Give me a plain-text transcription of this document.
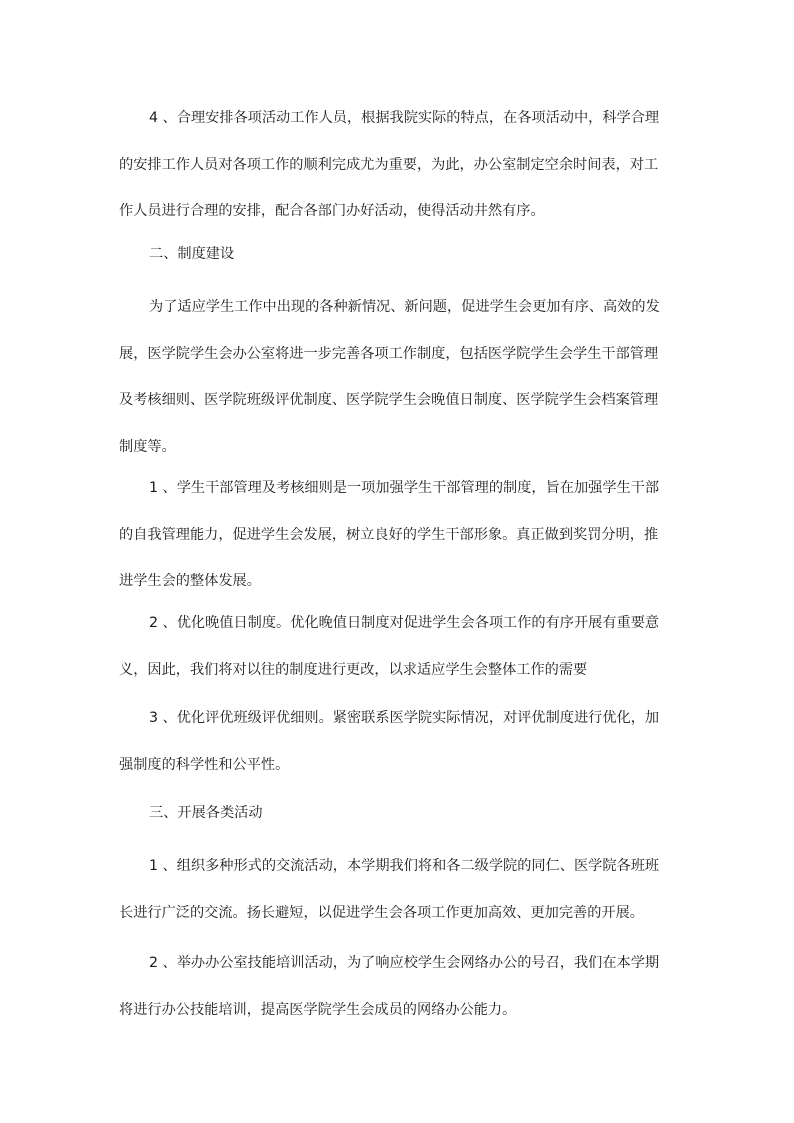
4 、合理安排各项活动工作人员，根据我院实际的特点，在各项活动中，科学合理
的安排工作人员对各项工作的顺利完成尤为重要，为此，办公室制定空余时间表，对工
作人员进行合理的安排，配合各部门办好活动，使得活动井然有序。
二、制度建设
为了适应学生工作中出现的各种新情况、新问题，促进学生会更加有序、高效的发
展，医学院学生会办公室将进一步完善各项工作制度，包括医学院学生会学生干部管理
及考核细则、医学院班级评优制度、医学院学生会晚值日制度、医学院学生会档案管理
制度等。
1 、学生干部管理及考核细则是一项加强学生干部管理的制度，旨在加强学生干部
的自我管理能力，促进学生会发展，树立良好的学生干部形象。真正做到奖罚分明，推
进学生会的整体发展。
2 、优化晚值日制度。优化晚值日制度对促进学生会各项工作的有序开展有重要意
义，因此，我们将对以往的制度进行更改，以求适应学生会整体工作的需要
3 、优化评优班级评优细则。紧密联系医学院实际情况，对评优制度进行优化，加
强制度的科学性和公平性。
三、开展各类活动
1 、组织多种形式的交流活动，本学期我们将和各二级学院的同仁、医学院各班班
长进行广泛的交流。扬长避短，以促进学生会各项工作更加高效、更加完善的开展。
2 、举办办公室技能培训活动，为了响应校学生会网络办公的号召，我们在本学期
将进行办公技能培训，提高医学院学生会成员的网络办公能力。
